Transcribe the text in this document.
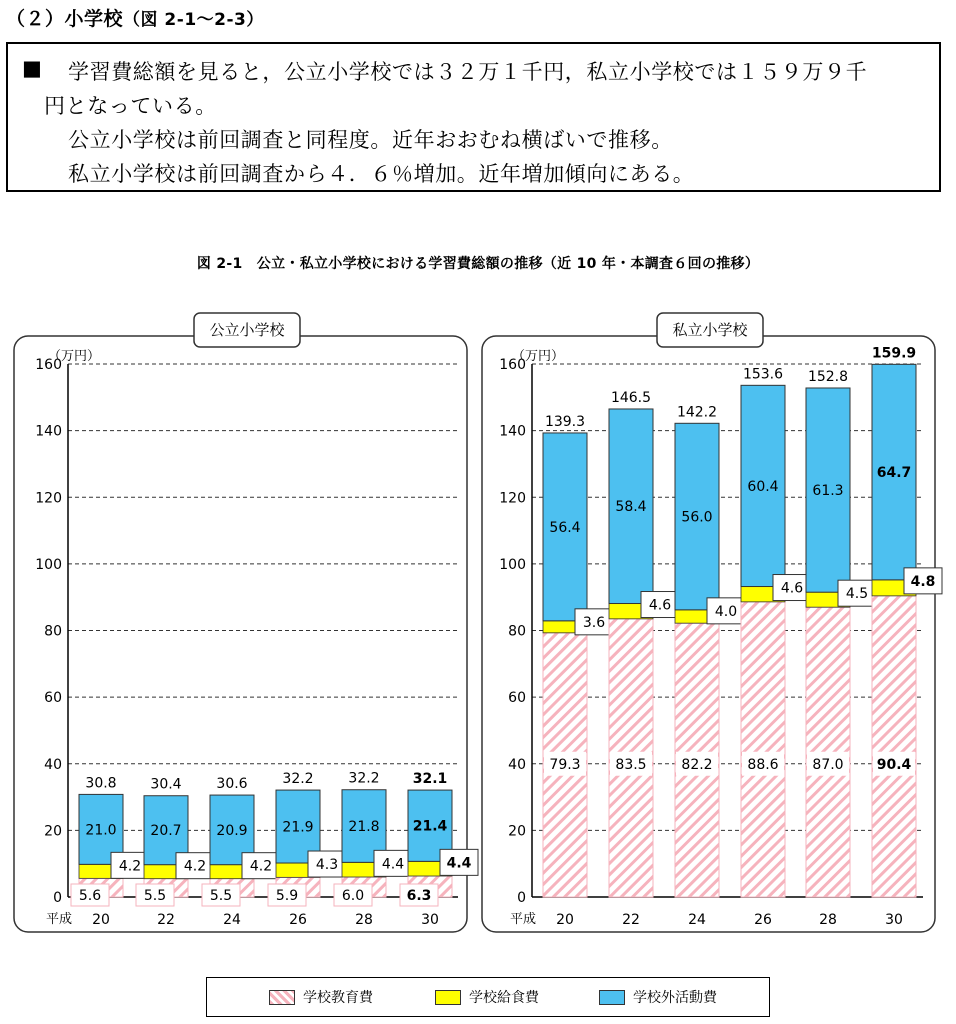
（２）小学校（図 2-1～2-3）
■ 学習費総額を見ると，公立小学校では３２万１千円，私立小学校では１５９万９千
円となっている。
公立小学校は前回調査と同程度。近年おおむね横ばいで推移。
私立小学校は前回調査から４．６％増加。近年増加傾向にある。
図 2-1　公立・私立小学校における学習費総額の推移（近 10 年・本調査６回の推移）
公立小学校
0
20
40
60
80
100
120
140
160
（万円）
平成 20
30.8
21.0
4.2
5.6
22
30.4
20.7
4.2
5.5
24
30.6
20.9
4.2
5.5
26
32.2
21.9
4.3
5.9
28
32.2
21.8
4.4
6.0
30
32.1
21.4
4.4
6.3
私立小学校
0
20
40
60
80
100
120
140
160
（万円）
平成 20
139.3
56.4
3.6
79.3
22
146.5
58.4
4.6
83.5
24
142.2
56.0
4.0
82.2
26
153.6
60.4
4.6
88.6
28
152.8
61.3
4.5
87.0
30
159.9
64.7
4.8
90.4
学校教育費	学校給食費	学校外活動費
